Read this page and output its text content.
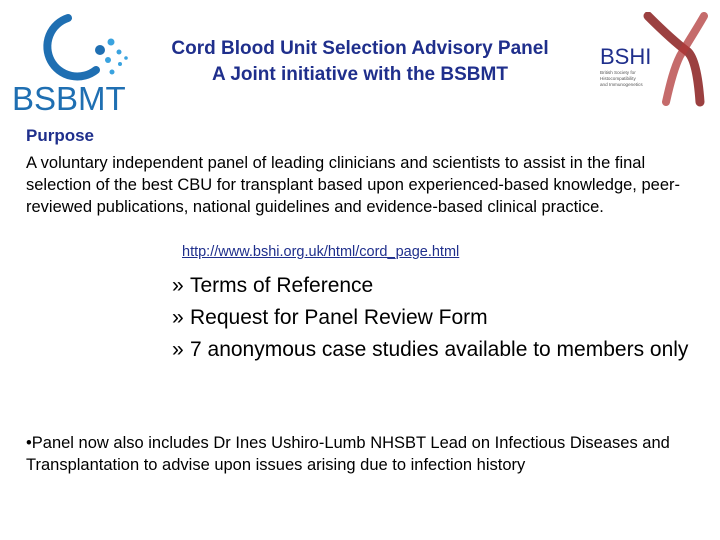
BSBMT
BSHI
British Society for Histocompatibility and Immunogenetics
Cord Blood Unit Selection Advisory Panel
A Joint initiative with the BSBMT
Purpose
A voluntary independent panel of leading clinicians and scientists to assist in the final selection of the best CBU for transplant based upon experienced-based knowledge, peer-reviewed publications, national guidelines and evidence-based clinical practice.
http://www.bshi.org.uk/html/cord_page.html
» Terms of Reference
» Request for Panel Review Form
» 7 anonymous case studies available to members only
•Panel now also includes Dr Ines Ushiro-Lumb NHSBT Lead on Infectious Diseases and Transplantation to advise upon issues arising due to infection history
